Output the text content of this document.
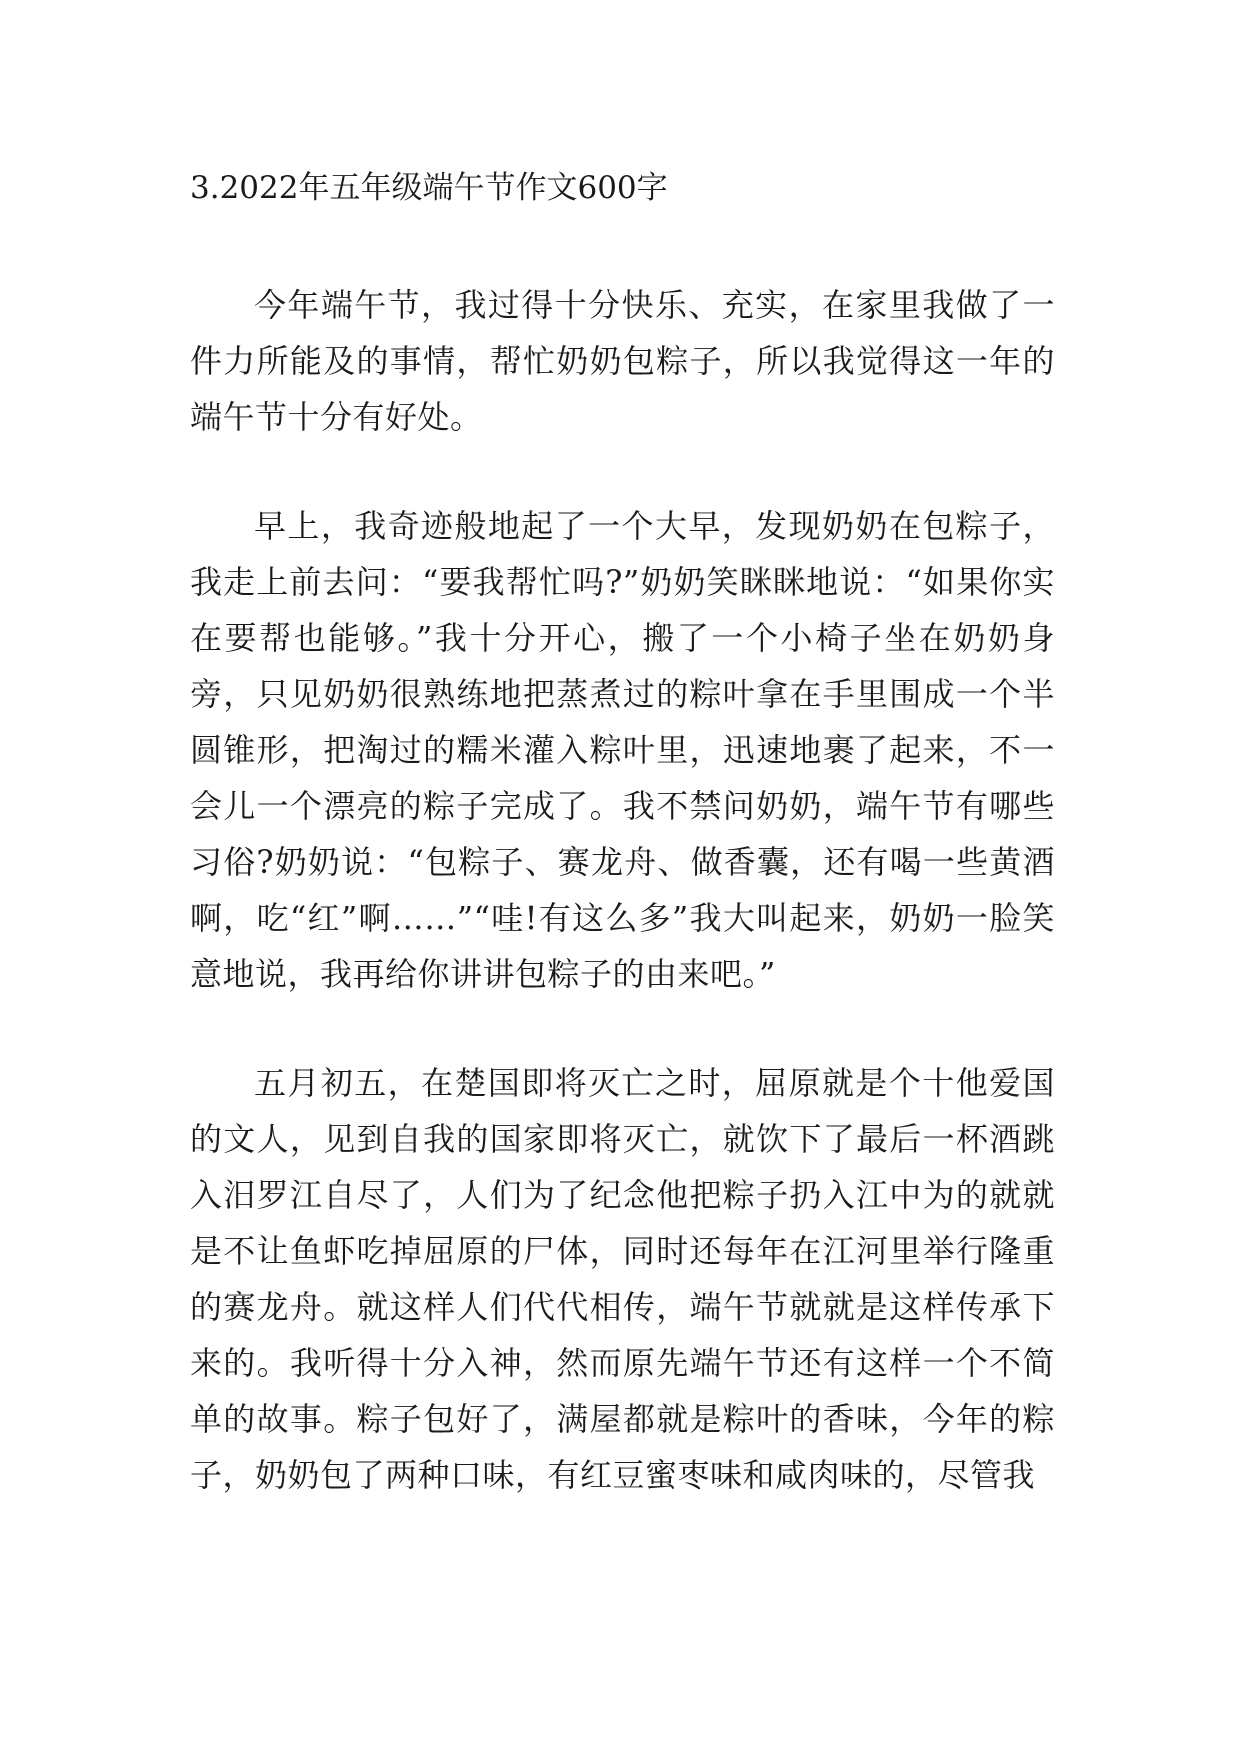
3.2022年五年级端午节作文600字

今年端午节，我过得十分快乐、充实，在家里我做了一件力所能及的事情，帮忙奶奶包粽子，所以我觉得这一年的端午节十分有好处。

早上，我奇迹般地起了一个大早，发现奶奶在包粽子，我走上前去问：“要我帮忙吗?”奶奶笑眯眯地说：“如果你实在要帮也能够。”我十分开心，搬了一个小椅子坐在奶奶身旁，只见奶奶很熟练地把蒸煮过的粽叶拿在手里围成一个半圆锥形，把淘过的糯米灌入粽叶里，迅速地裹了起来，不一会儿一个漂亮的粽子完成了。我不禁问奶奶，端午节有哪些习俗?奶奶说：“包粽子、赛龙舟、做香囊，还有喝一些黄酒啊，吃“红”啊……”“哇!有这么多”我大叫起来，奶奶一脸笑意地说，我再给你讲讲包粽子的由来吧。”

五月初五，在楚国即将灭亡之时，屈原就是个十他爱国的文人，见到自我的国家即将灭亡，就饮下了最后一杯酒跳入汨罗江自尽了，人们为了纪念他把粽子扔入江中为的就就是不让鱼虾吃掉屈原的尸体，同时还每年在江河里举行隆重的赛龙舟。就这样人们代代相传，端午节就就是这样传承下来的。我听得十分入神，然而原先端午节还有这样一个不简单的故事。粽子包好了，满屋都就是粽叶的香味，今年的粽子，奶奶包了两种口味，有红豆蜜枣味和咸肉味的，尽管我
